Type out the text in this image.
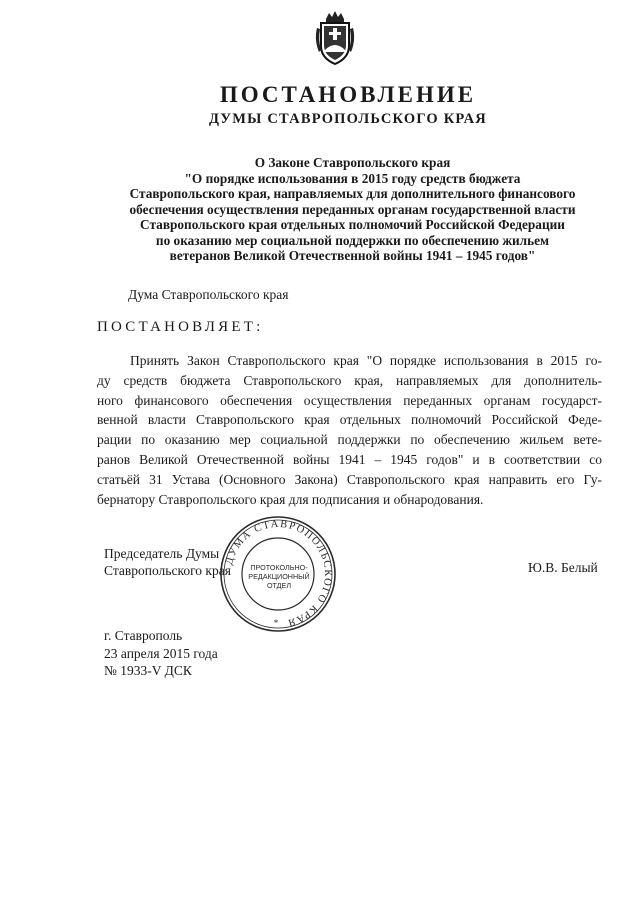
ПОСТАНОВЛЕНИЕ
ДУМЫ СТАВРОПОЛЬСКОГО КРАЯ
О Законе Ставропольского края
"О порядке использования в 2015 году средств бюджета
Ставропольского края, направляемых для дополнительного финансового
обеспечения осуществления переданных органам государственной власти
Ставропольского края отдельных полномочий Российской Федерации
по оказанию мер социальной поддержки по обеспечению жильем
ветеранов Великой Отечественной войны 1941 – 1945 годов"
Дума Ставропольского края
ПОСТАНОВЛЯЕТ:
Принять Закон Ставропольского края "О порядке использования в 2015 го-
ду средств бюджета Ставропольского края, направляемых для дополнитель-
ного финансового обеспечения осуществления переданных органам государст-
венной власти Ставропольского края отдельных полномочий Российской Феде-
рации по оказанию мер социальной поддержки по обеспечению жильем вете-
ранов Великой Отечественной войны 1941 – 1945 годов" и в соответствии со
статьёй 31 Устава (Основного Закона) Ставропольского края направить его Гу-
бернатору Ставропольского края для подписания и обнародования.
Председатель Думы
Ставропольского края	Ю.В. Белый
ДУМА СТАВРОПОЛЬСКОГО КРАЯ
*
ПРОТОКОЛЬНО-
РЕДАКЦИОННЫЙ
ОТДЕЛ
г. Ставрополь
23 апреля 2015 года
№ 1933-V ДСК
